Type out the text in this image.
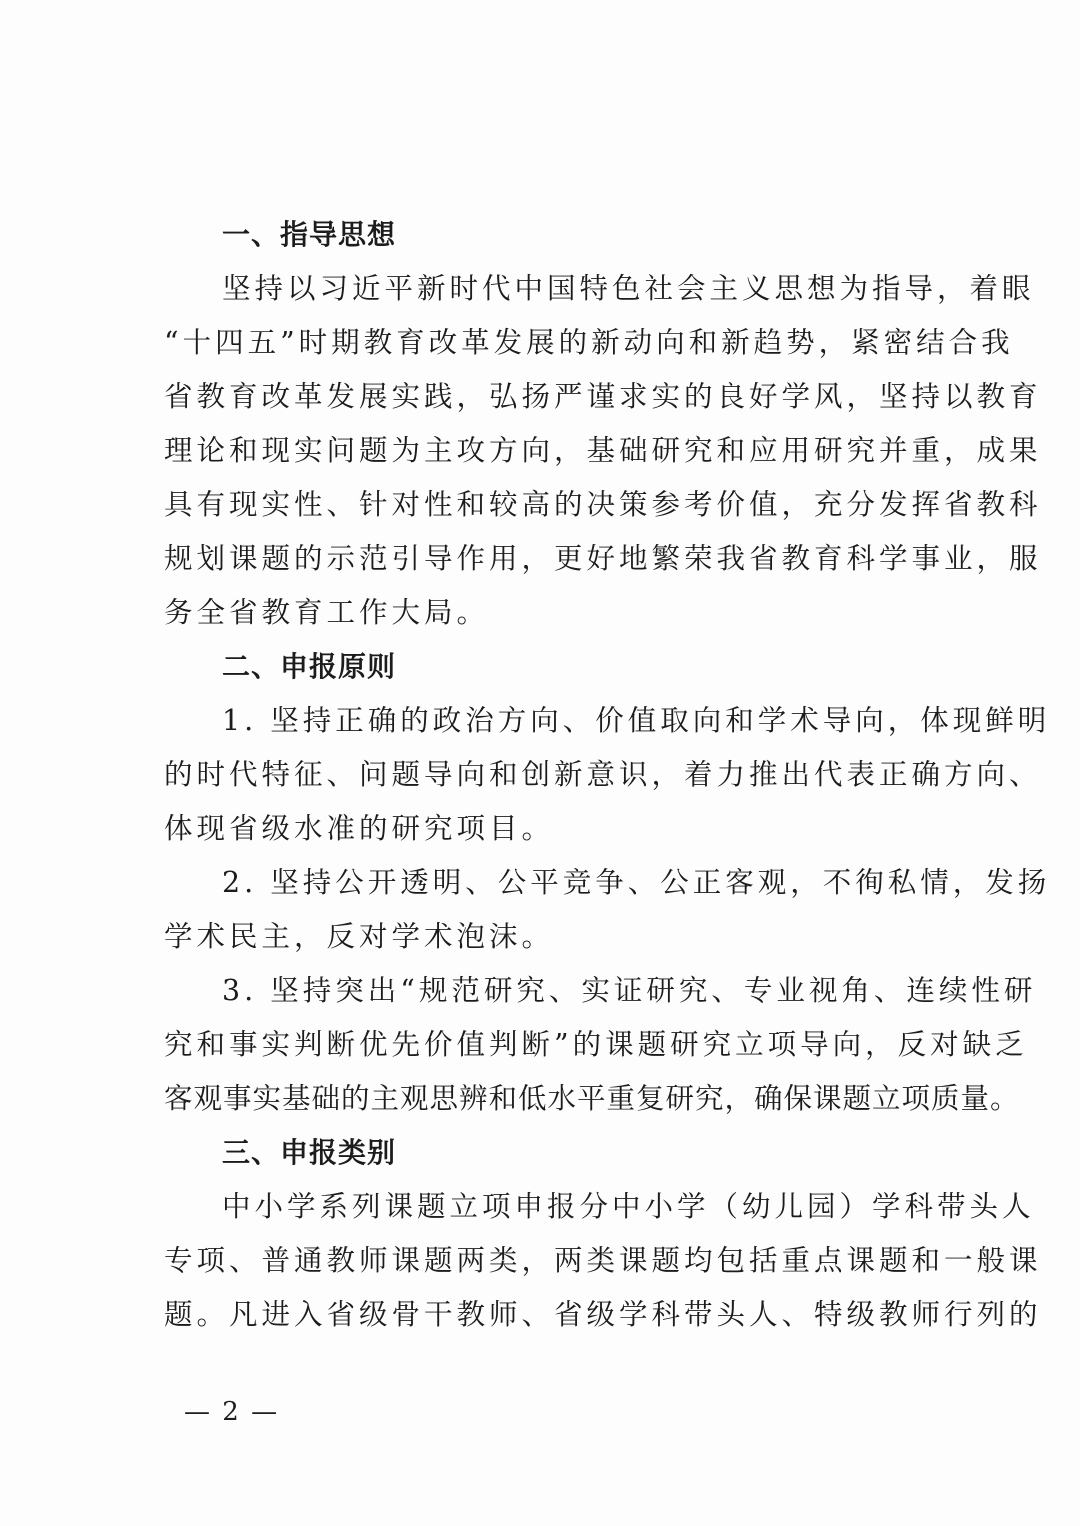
一、指导思想
坚持以习近平新时代中国特色社会主义思想为指导，着眼
“十四五”时期教育改革发展的新动向和新趋势，紧密结合我
省教育改革发展实践，弘扬严谨求实的良好学风，坚持以教育
理论和现实问题为主攻方向，基础研究和应用研究并重，成果
具有现实性、针对性和较高的决策参考价值，充分发挥省教科
规划课题的示范引导作用，更好地繁荣我省教育科学事业，服
务全省教育工作大局。
二、申报原则
1. 坚持正确的政治方向、价值取向和学术导向，体现鲜明
的时代特征、问题导向和创新意识，着力推出代表正确方向、
体现省级水准的研究项目。
2. 坚持公开透明、公平竞争、公正客观，不徇私情，发扬
学术民主，反对学术泡沫。
3. 坚持突出“规范研究、实证研究、专业视角、连续性研
究和事实判断优先价值判断”的课题研究立项导向，反对缺乏
客观事实基础的主观思辨和低水平重复研究，确保课题立项质量。
三、申报类别
中小学系列课题立项申报分中小学（幼儿园）学科带头人
专项、普通教师课题两类，两类课题均包括重点课题和一般课
题。凡进入省级骨干教师、省级学科带头人、特级教师行列的
— 2 —
